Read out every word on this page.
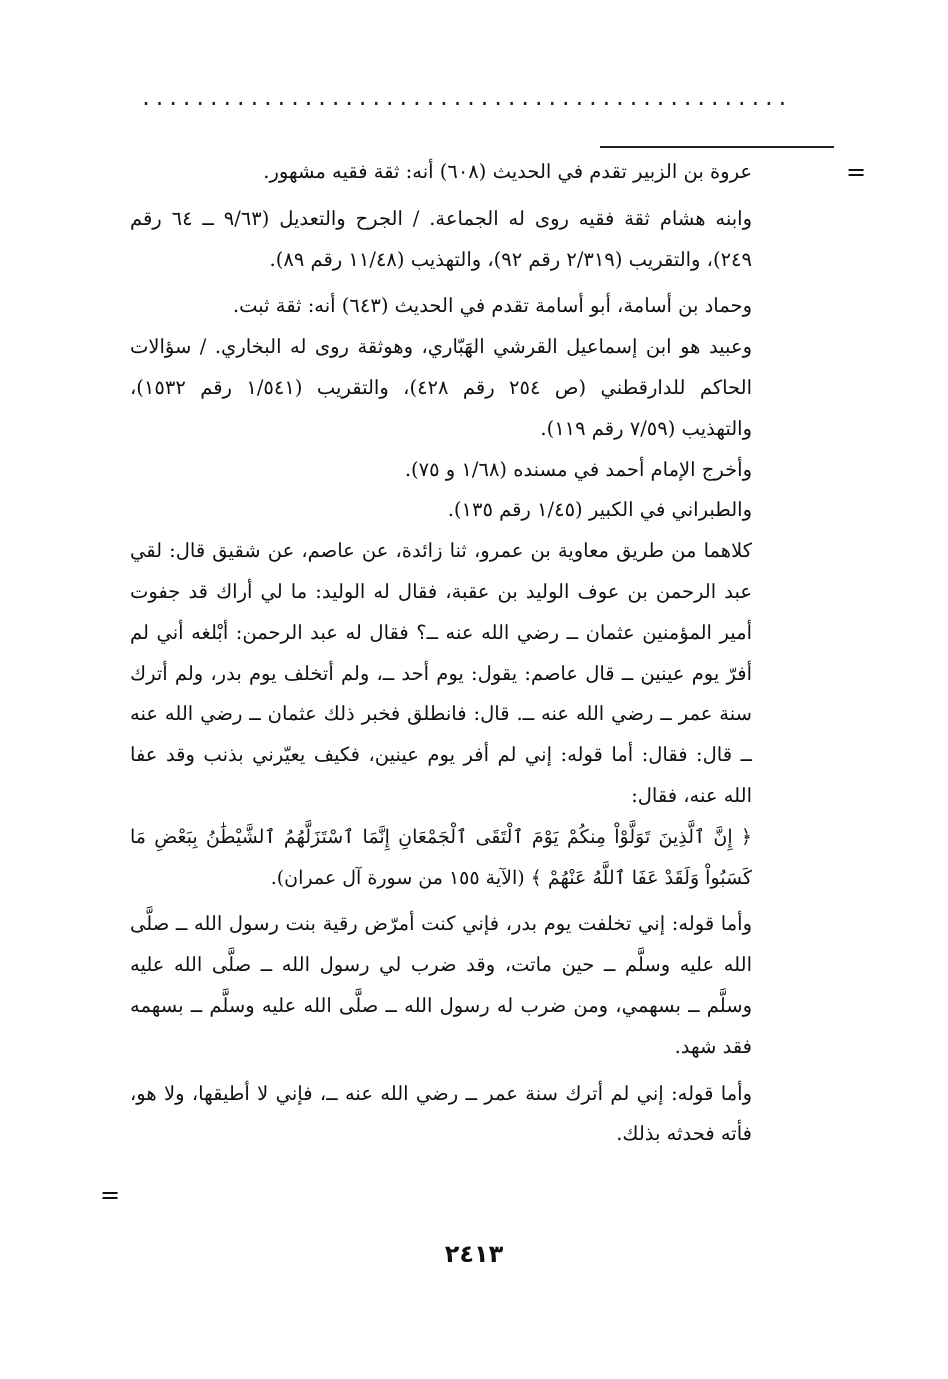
................................................
=

عروة بن الزبير تقدم في الحديث (٦٠٨) أنه: ثقة فقيه مشهور.

وابنه هشام ثقة فقيه روى له الجماعة. / الجرح والتعديل (٩/٦٣ ــ ٦٤ رقم ٢٤٩)، والتقريب (٢/٣١٩ رقم ٩٢)، والتهذيب (١١/٤٨ رقم ٨٩).

وحماد بن أسامة، أبو أسامة تقدم في الحديث (٦٤٣) أنه: ثقة ثبت.

وعبيد هو ابن إسماعيل القرشي الهَبّاري، وهوثقة روى له البخاري. / سؤالات الحاكم للدارقطني (ص ٢٥٤ رقم ٤٢٨)، والتقريب (١/٥٤١ رقم ١٥٣٢)، والتهذيب (٧/٥٩ رقم ١١٩).

وأخرج الإمام أحمد في مسنده (١/٦٨ و ٧٥).

والطبراني في الكبير (١/٤٥ رقم ١٣٥).

كلاهما من طريق معاوية بن عمرو، ثنا زائدة، عن عاصم، عن شقيق قال: لقي عبد الرحمن بن عوف الوليد بن عقبة، فقال له الوليد: ما لي أراك قد جفوت أمير المؤمنين عثمان ــ رضي الله عنه ــ؟ فقال له عبد الرحمن: أبْلغه أني لم أفرّ يوم عينين ــ قال عاصم: يقول: يوم أحد ــ، ولم أتخلف يوم بدر، ولم أترك سنة عمر ــ رضي الله عنه ــ. قال: فانطلق فخبر ذلك عثمان ــ رضي الله عنه ــ قال: فقال: أما قوله: إني لم أفر يوم عينين، فكيف يعيّرني بذنب وقد عفا الله عنه، فقال:

﴿ إِنَّ ٱلَّذِينَ تَوَلَّوْاْ مِنكُمْ يَوْمَ ٱلْتَقَى ٱلْجَمْعَانِ إِنَّمَا ٱسْتَزَلَّهُمُ ٱلشَّيْطَٰنُ بِبَعْضِ مَا كَسَبُواْ وَلَقَدْ عَفَا ٱللَّهُ عَنْهُمْ ﴾ (الآية ١٥٥ من سورة آل عمران).

وأما قوله: إني تخلفت يوم بدر، فإني كنت أمرّض رقية بنت رسول الله ــ صلَّى الله عليه وسلَّم ــ حين ماتت، وقد ضرب لي رسول الله ــ صلَّى الله عليه وسلَّم ــ بسهمي، ومن ضرب له رسول الله ــ صلَّى الله عليه وسلَّم ــ بسهمه فقد شهد.

وأما قوله: إني لم أترك سنة عمر ــ رضي الله عنه ــ، فإني لا أطيقها، ولا هو، فأته فحدثه بذلك.

=
٢٤١٣
